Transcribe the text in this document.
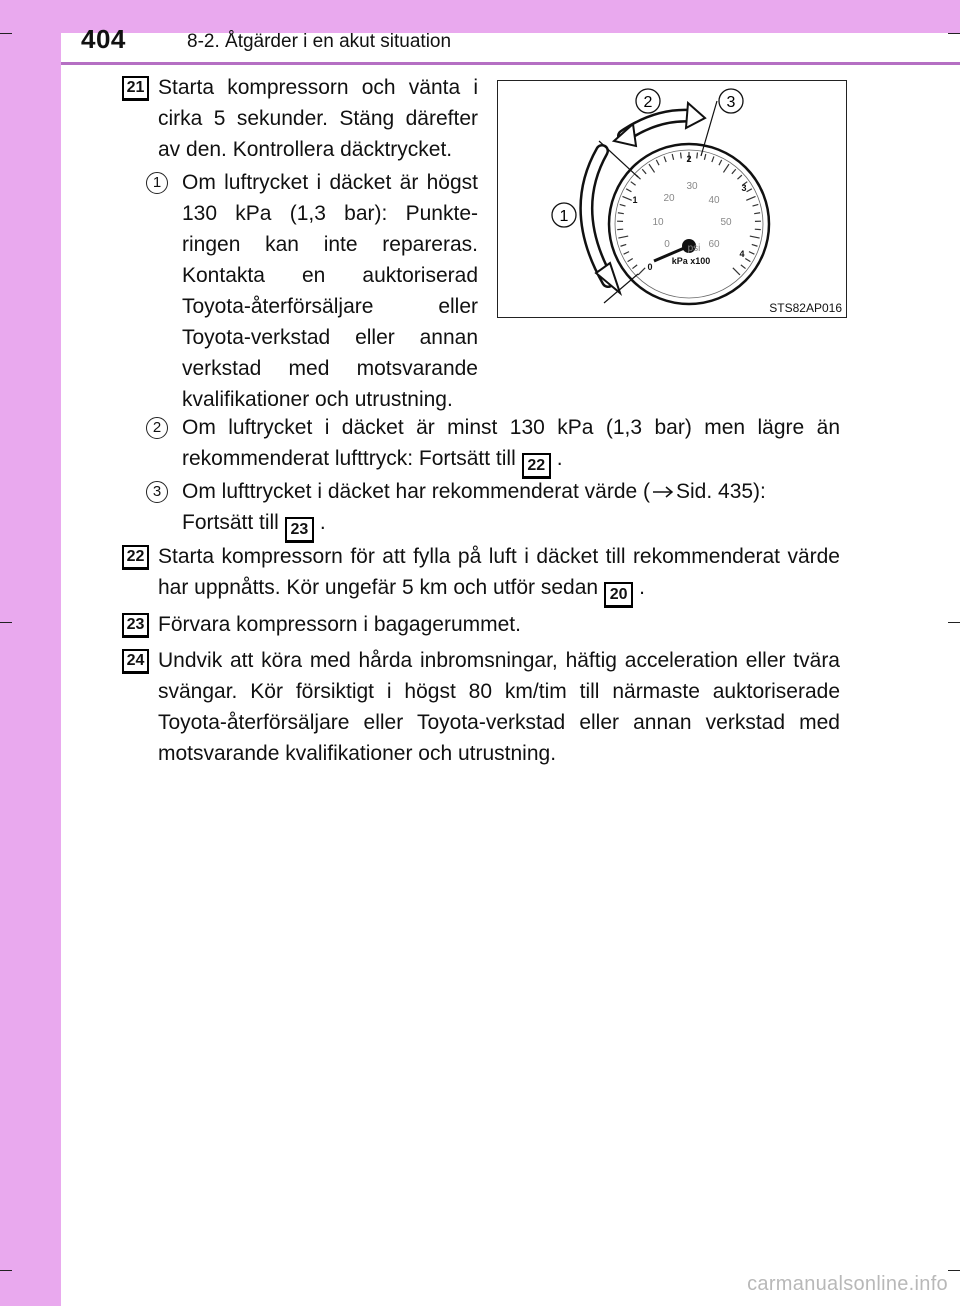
404	8-2. Åtgärder i en akut situation
21 Starta kompressorn och vänta i cirka 5 sekunder. Stäng därefter av den. Kontrollera däcktrycket.
1 Om luftrycket i däcket är högst 130 kPa (1,3 bar): Punkteringen kan inte repareras. Kontakta en auktoriserad Toyota-återförsäljare eller Toyota-verkstad eller annan verkstad med motsvarande kvalifikationer och utrustning.
2 Om luftrycket i däcket är minst 130 kPa (1,3 bar) men lägre än rekommenderat lufttryck: Fortsätt till 22 .
3 Om lufttrycket i däcket har rekommenderat värde ( Sid. 435):
Fortsätt till 23 .
22 Starta kompressorn för att fylla på luft i däcket till rekommenderat värde har uppnåtts. Kör ungefär 5 km och utför sedan 20 .
23 Förvara kompressorn i bagagerummet.
24 Undvik att köra med hårda inbromsningar, häftig acceleration eller tvära svängar. Kör försiktigt i högst 80 km/tim till närmaste auktoriserade Toyota-återförsäljare eller Toyota-verkstad eller annan verkstad med motsvarande kvalifikationer och utrustning.
1
2	3
0
10
20
30
40
50
60
psi
0
1
2
3
4
kPa x100
STS82AP016
carmanualsonline.info
